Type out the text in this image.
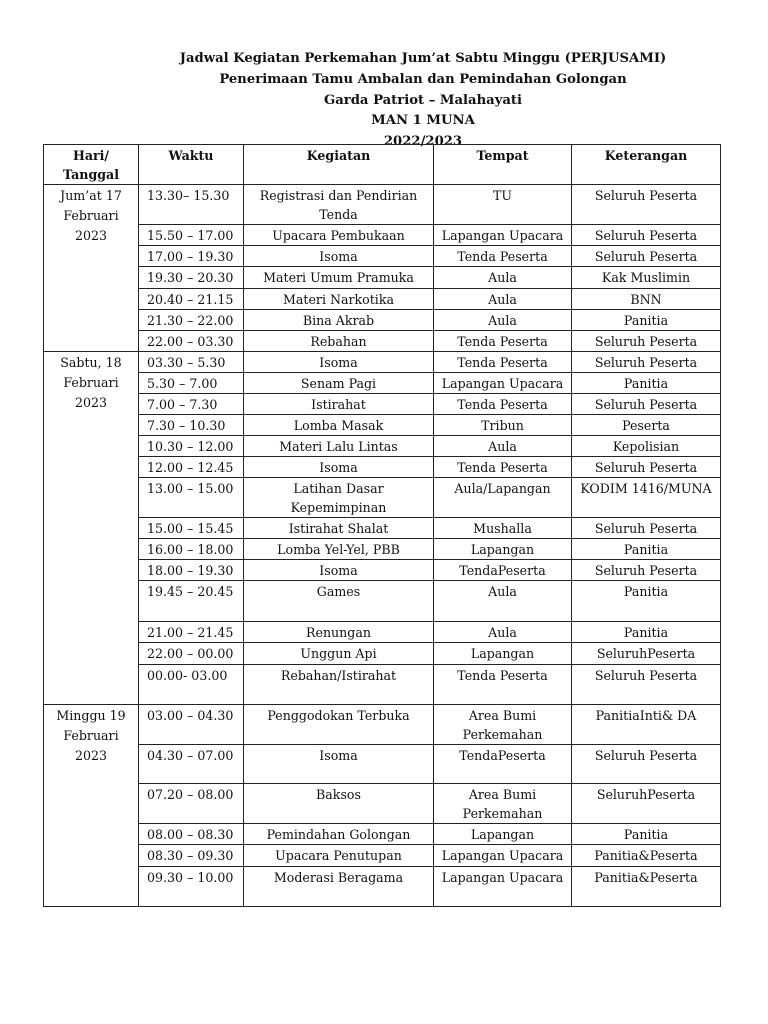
Jadwal Kegiatan Perkemahan Jum’at Sabtu Minggu (PERJUSAMI)
Penerimaan Tamu Ambalan dan Pemindahan Golongan
Garda Patriot – Malahayati
MAN 1 MUNA
2022/2023
Hari/ Tanggal	Waktu	Kegiatan	Tempat	Keterangan
Jum’at 17 Februari 2023	13.30– 15.30	Registrasi dan Pendirian Tenda	TU	Seluruh Peserta
	15.50 – 17.00	Upacara Pembukaan	Lapangan Upacara	Seluruh Peserta
	17.00 – 19.30	Isoma	Tenda Peserta	Seluruh Peserta
	19.30 – 20.30	Materi Umum Pramuka	Aula	Kak Muslimin
	20.40 – 21.15	Materi Narkotika	Aula	BNN
	21.30 – 22.00	Bina Akrab	Aula	Panitia
	22.00 – 03.30	Rebahan	Tenda Peserta	Seluruh Peserta
Sabtu, 18 Februari 2023	03.30 – 5.30	Isoma	Tenda Peserta	Seluruh Peserta
	5.30 – 7.00	Senam Pagi	Lapangan Upacara	Panitia
	7.00 – 7.30	Istirahat	Tenda Peserta	Seluruh Peserta
	7.30 – 10.30	Lomba Masak	Tribun	Peserta
	10.30 – 12.00	Materi Lalu Lintas	Aula	Kepolisian
	12.00 – 12.45	Isoma	Tenda Peserta	Seluruh Peserta
	13.00 – 15.00	Latihan Dasar Kepemimpinan	Aula/Lapangan	KODIM 1416/MUNA
	15.00 – 15.45	Istirahat Shalat	Mushalla	Seluruh Peserta
	16.00 – 18.00	Lomba Yel-Yel, PBB	Lapangan	Panitia
	18.00 – 19.30	Isoma	TendaPeserta	Seluruh Peserta
	19.45 – 20.45	Games	Aula	Panitia
	21.00 – 21.45	Renungan	Aula	Panitia
	22.00 – 00.00	Unggun Api	Lapangan	SeluruhPeserta
	00.00- 03.00	Rebahan/Istirahat	Tenda Peserta	Seluruh Peserta
Minggu 19 Februari 2023	03.00 – 04.30	Penggodokan Terbuka	Area Bumi Perkemahan	PanitiaInti& DA
	04.30 – 07.00	Isoma	TendaPeserta	Seluruh Peserta
	07.20 – 08.00	Baksos	Area Bumi Perkemahan	SeluruhPeserta
	08.00 – 08.30	Pemindahan Golongan	Lapangan	Panitia
	08.30 – 09.30	Upacara Penutupan	Lapangan Upacara	Panitia&Peserta
	09.30 – 10.00	Moderasi Beragama	Lapangan Upacara	Panitia&Peserta
